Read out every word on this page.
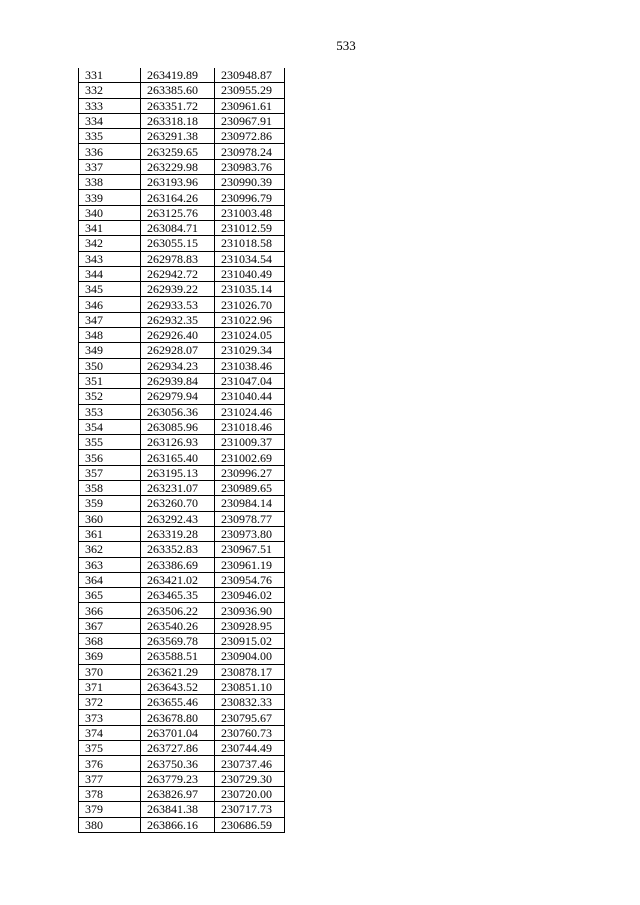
533
331	263419.89	230948.87
332	263385.60	230955.29
333	263351.72	230961.61
334	263318.18	230967.91
335	263291.38	230972.86
336	263259.65	230978.24
337	263229.98	230983.76
338	263193.96	230990.39
339	263164.26	230996.79
340	263125.76	231003.48
341	263084.71	231012.59
342	263055.15	231018.58
343	262978.83	231034.54
344	262942.72	231040.49
345	262939.22	231035.14
346	262933.53	231026.70
347	262932.35	231022.96
348	262926.40	231024.05
349	262928.07	231029.34
350	262934.23	231038.46
351	262939.84	231047.04
352	262979.94	231040.44
353	263056.36	231024.46
354	263085.96	231018.46
355	263126.93	231009.37
356	263165.40	231002.69
357	263195.13	230996.27
358	263231.07	230989.65
359	263260.70	230984.14
360	263292.43	230978.77
361	263319.28	230973.80
362	263352.83	230967.51
363	263386.69	230961.19
364	263421.02	230954.76
365	263465.35	230946.02
366	263506.22	230936.90
367	263540.26	230928.95
368	263569.78	230915.02
369	263588.51	230904.00
370	263621.29	230878.17
371	263643.52	230851.10
372	263655.46	230832.33
373	263678.80	230795.67
374	263701.04	230760.73
375	263727.86	230744.49
376	263750.36	230737.46
377	263779.23	230729.30
378	263826.97	230720.00
379	263841.38	230717.73
380	263866.16	230686.59
